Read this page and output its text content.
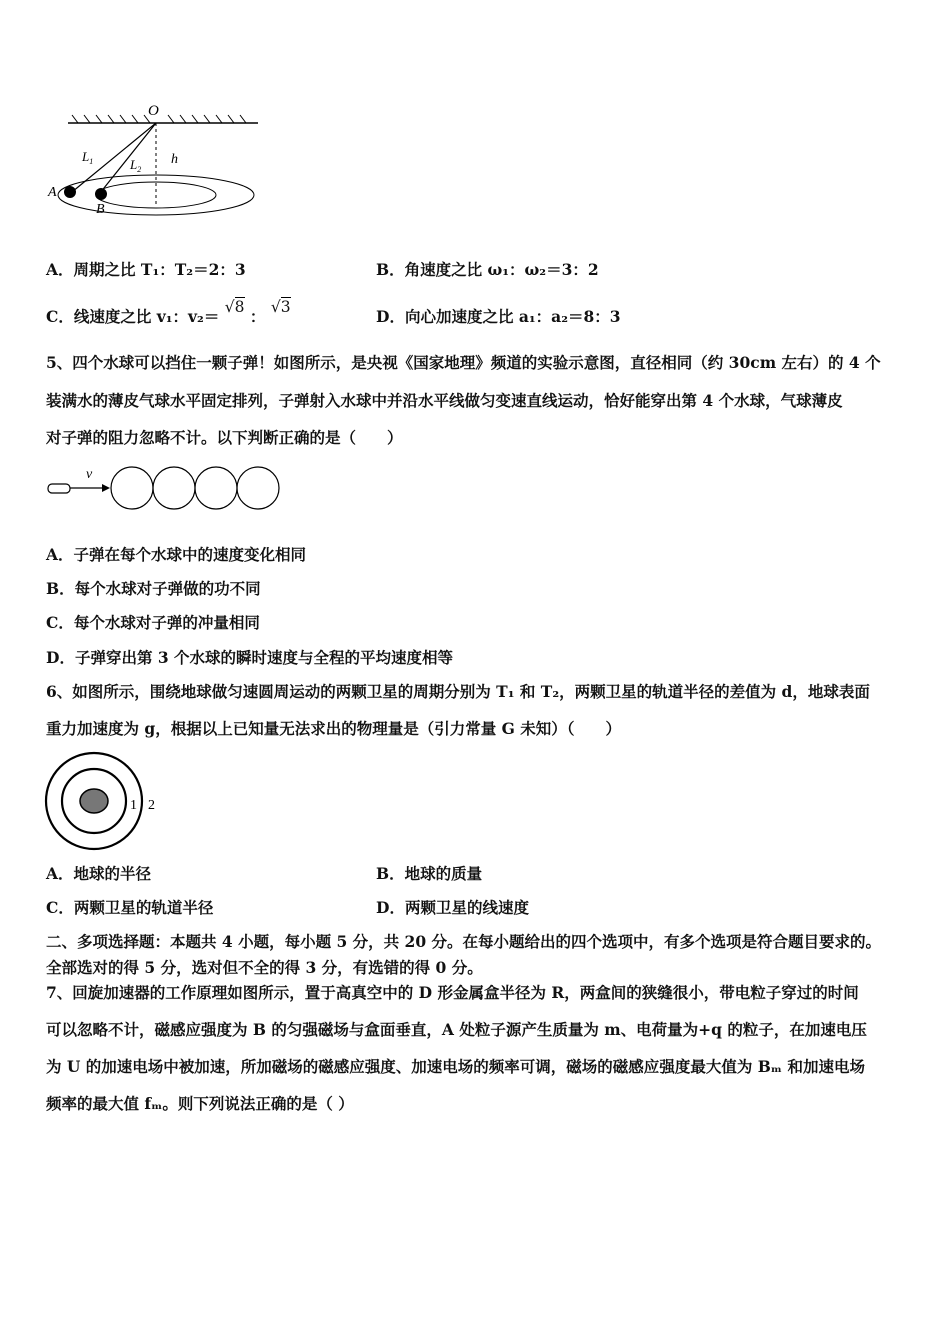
O
$L_1$	$L_2$
h
A
B
A．周期之比 T₁：T₂＝2：3	B．角速度之比 ω₁：ω₂＝3：2
C．线速度之比 v₁：v₂＝ √8 ： √3	D．向心加速度之比 a₁：a₂＝8：3
5、四个水球可以挡住一颗子弹！如图所示，是央视《国家地理》频道的实验示意图，直径相同（约 30cm 左右）的 4 个
装满水的薄皮气球水平固定排列，子弹射入水球中并沿水平线做匀变速直线运动，恰好能穿出第 4 个水球，气球薄皮
对子弹的阻力忽略不计。以下判断正确的是（　　）
v
A．子弹在每个水球中的速度变化相同
B．每个水球对子弹做的功不同
C．每个水球对子弹的冲量相同
D．子弹穿出第 3 个水球的瞬时速度与全程的平均速度相等
6、如图所示，围绕地球做匀速圆周运动的两颗卫星的周期分别为 T₁ 和 T₂，两颗卫星的轨道半径的差值为 d，地球表面
重力加速度为 g，根据以上已知量无法求出的物理量是（引力常量 G 未知）（　　）
1 2
A．地球的半径	B．地球的质量
C．两颗卫星的轨道半径	D．两颗卫星的线速度
二、多项选择题：本题共 4 小题，每小题 5 分，共 20 分。在每小题给出的四个选项中，有多个选项是符合题目要求的。
全部选对的得 5 分，选对但不全的得 3 分，有选错的得 0 分。
7、回旋加速器的工作原理如图所示，置于高真空中的 D 形金属盒半径为 R，两盒间的狭缝很小，带电粒子穿过的时间
可以忽略不计，磁感应强度为 B 的匀强磁场与盒面垂直，A 处粒子源产生质量为 m、电荷量为+q 的粒子，在加速电压
为 U 的加速电场中被加速，所加磁场的磁感应强度、加速电场的频率可调，磁场的磁感应强度最大值为 Bₘ 和加速电场
频率的最大值 fₘ。则下列说法正确的是（ ）
